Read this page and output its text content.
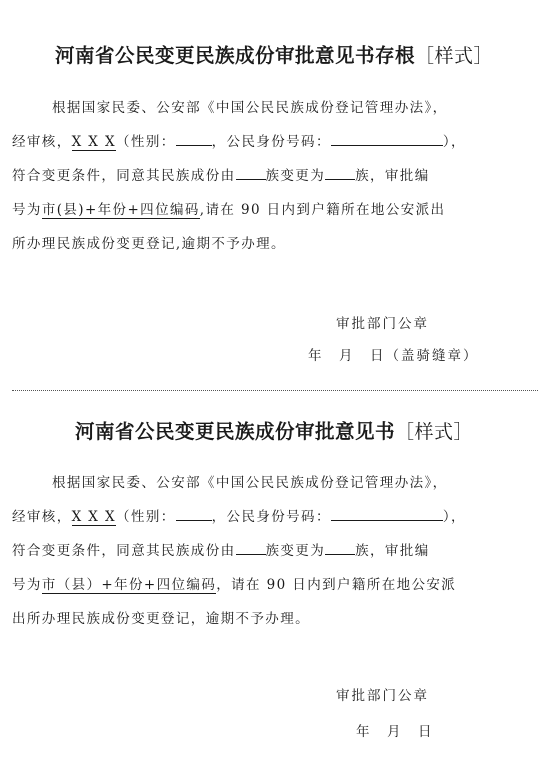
河南省公民变更民族成份审批意见书存根［样式］
根据国家民委、公安部《中国公民民族成份登记管理办法》，
经审核，X X X（性别：	，公民身份号码：	），
符合变更条件，同意其民族成份由 族变更为 族，审批编
号为市(县)+年份+四位编码,请在 90 日内到户籍所在地公安派出
所办理民族成份变更登记,逾期不予办理。
审批部门公章
年　月　日（盖骑缝章）
河南省公民变更民族成份审批意见书［样式］
根据国家民委、公安部《中国公民民族成份登记管理办法》，
经审核，X X X（性别：	，公民身份号码：	），
符合变更条件，同意其民族成份由 族变更为 族，审批编
号为市（县）+年份+四位编码，请在 90 日内到户籍所在地公安派
出所办理民族成份变更登记，逾期不予办理。
审批部门公章
年　月　日
